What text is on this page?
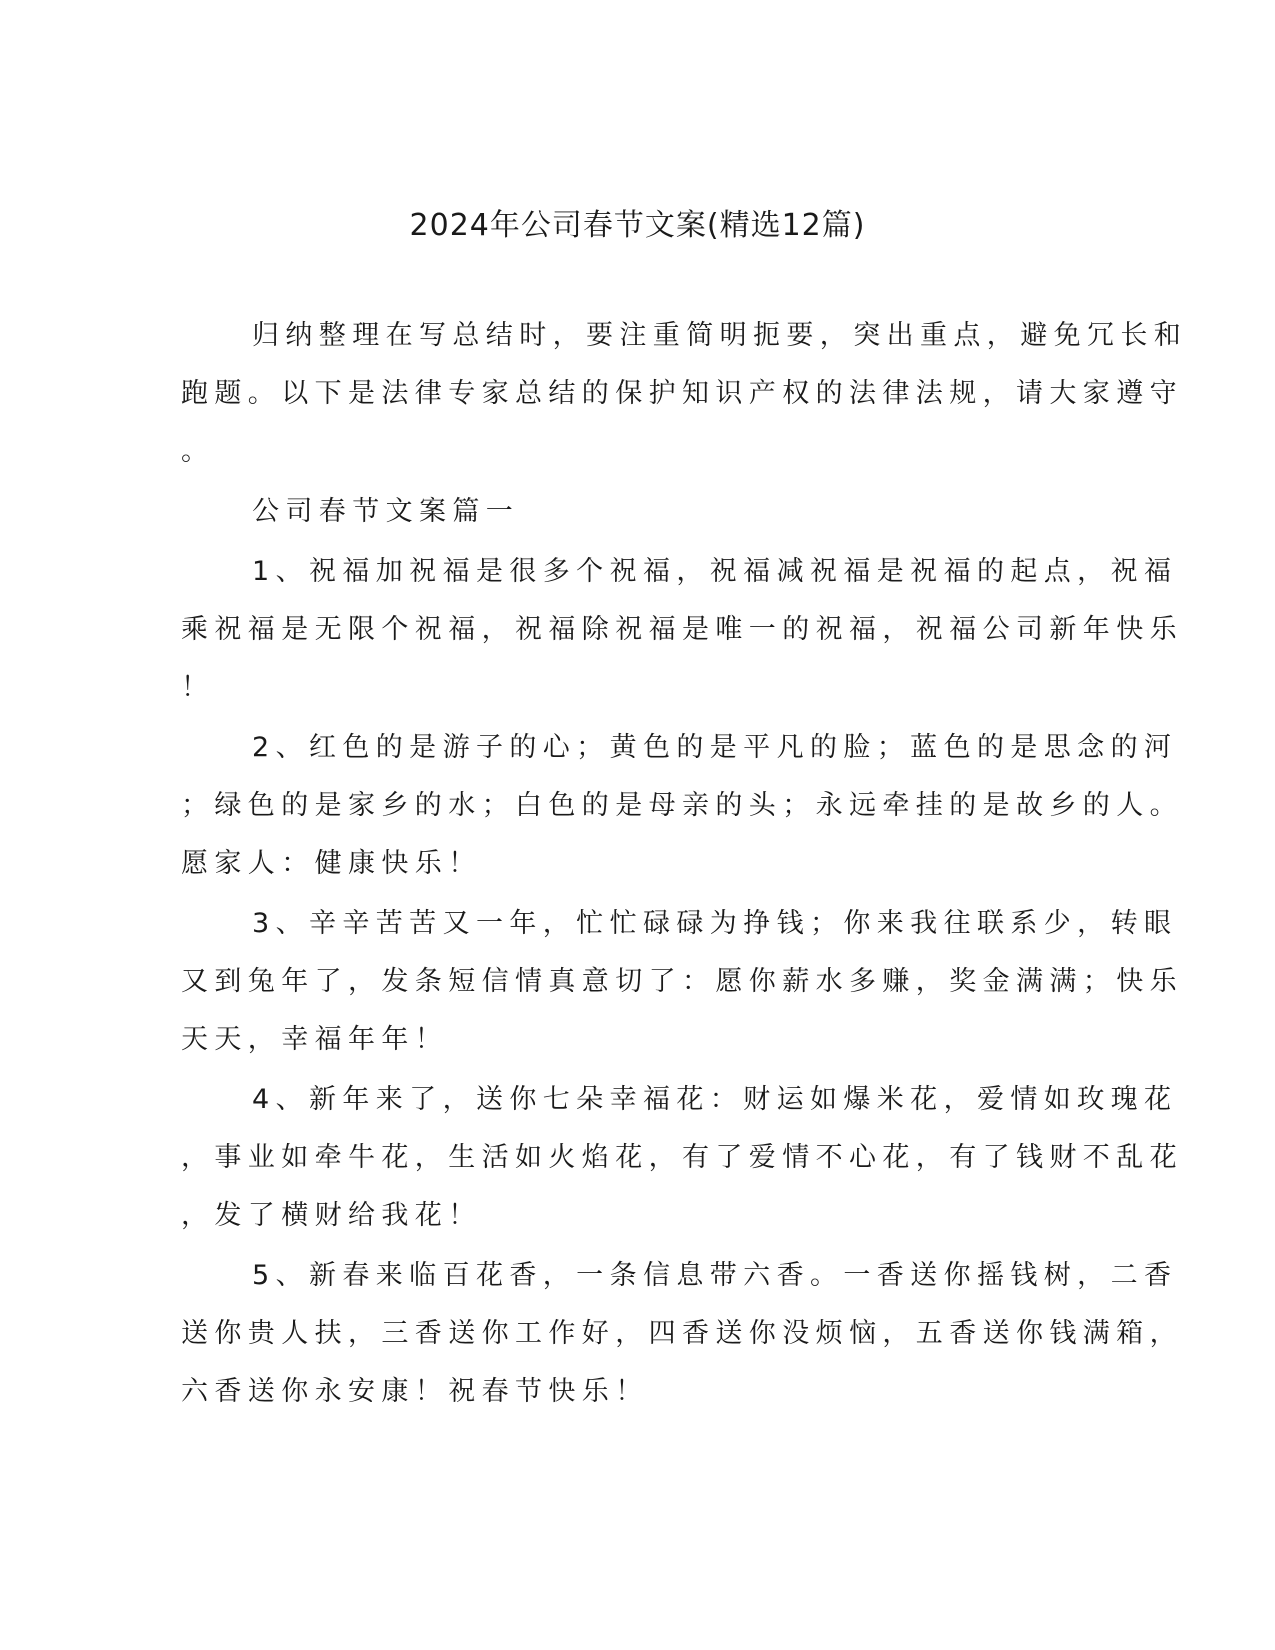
2024年公司春节文案(精选12篇)
归纳整理在写总结时，要注重简明扼要，突出重点，避免冗长和
跑题。以下是法律专家总结的保护知识产权的法律法规，请大家遵守
。
公司春节文案篇一
1、祝福加祝福是很多个祝福，祝福减祝福是祝福的起点，祝福
乘祝福是无限个祝福，祝福除祝福是唯一的祝福，祝福公司新年快乐
！
2、红色的是游子的心；黄色的是平凡的脸；蓝色的是思念的河
；绿色的是家乡的水；白色的是母亲的头；永远牵挂的是故乡的人。
愿家人：健康快乐！
3、辛辛苦苦又一年，忙忙碌碌为挣钱；你来我往联系少，转眼
又到兔年了，发条短信情真意切了：愿你薪水多赚，奖金满满；快乐
天天，幸福年年！
4、新年来了，送你七朵幸福花：财运如爆米花，爱情如玫瑰花
，事业如牵牛花，生活如火焰花，有了爱情不心花，有了钱财不乱花
，发了横财给我花！
5、新春来临百花香，一条信息带六香。一香送你摇钱树，二香
送你贵人扶，三香送你工作好，四香送你没烦恼，五香送你钱满箱，
六香送你永安康！祝春节快乐！
